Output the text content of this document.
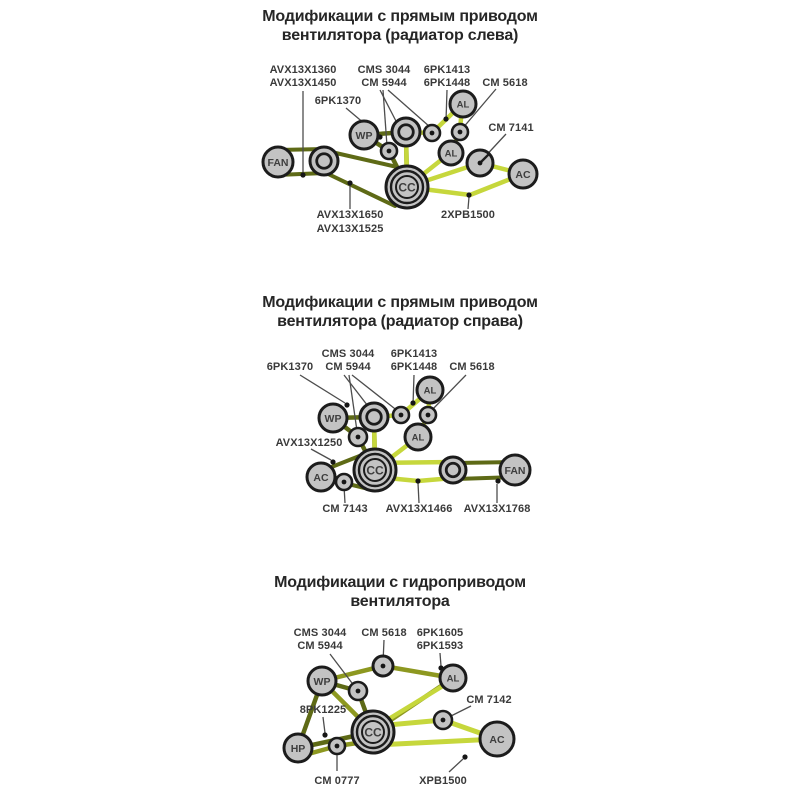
FAN
WP
AL
AL
AC
CC
AVX13X1360
AVX13X1450
CMS 3044
CM 5944
6PK1413
6PK1448 CM 5618
6PK1370
CM 7141
AVX13X1650
AVX13X1525
2XPB1500
WP
AL
AL
CC
AC
FAN
CMS 3044
CM 5944
6PK1413
6PK1448
6PK1370	CM 5618
AVX13X1250
CM 7143 AVX13X1466 AVX13X1768
WP	AL
CC
HP
AC
CMS 3044
CM 5944
CM 5618 6PK1605
6PK1593
8PK1225
CM 7142
CM 0777	XPB1500
Модификации с прямым приводом
вентилятора (радиатор слева)
Модификации с прямым приводом
вентилятора (радиатор справа)
Модификации с гидроприводом
вентилятора
